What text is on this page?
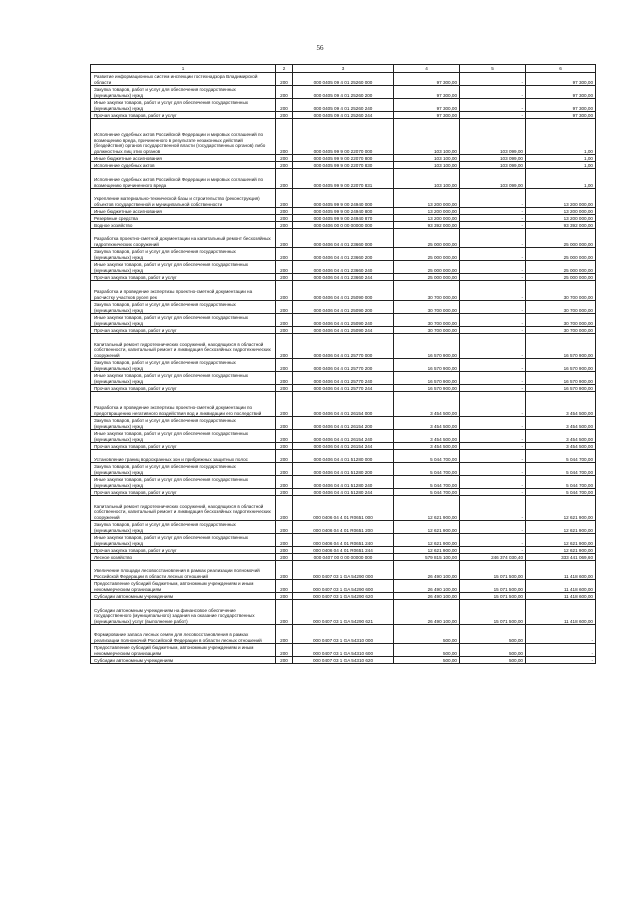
56
1	2	3	4	5	6
Развитие информационных систем инспекции гостехнадзора Владимирской области	200	000 0405 09 4 01 25260 000	97 300,00	-	97 300,00
Закупка товаров, работ и услуг для обеспечения государственных (муниципальных) нужд	200	000 0405 09 4 01 25260 200	97 300,00	-	97 300,00
Иные закупки товаров, работ и услуг для обеспечения государственных (муниципальных) нужд	200	000 0405 09 4 01 25260 240	97 300,00	-	97 300,00
Прочая закупка товаров, работ и услуг	200	000 0405 09 4 01 25260 244	97 300,00	-	97 300,00
Исполнение судебных актов Российской Федерации и мировых соглашений по возмещению вреда, причиненного в результате незаконных действий (бездействия) органов государственной власти (государственных органов) либо должностных лиц этих органов	200	000 0405 99 9 00 22070 000	103 100,00	103 099,00	1,00
Иные бюджетные ассигнования	200	000 0405 99 9 00 22070 800	103 100,00	103 099,00	1,00
Исполнение судебных актов	200	000 0405 99 9 00 22070 830	103 100,00	103 099,00	1,00
Исполнение судебных актов Российской Федерации и мировых соглашений по возмещению причиненного вреда	200	000 0405 99 9 00 22070 831	103 100,00	103 099,00	1,00
Укрепление материально-технической базы и строительство (реконструкция) объектов государственной и муниципальной собственности	200	000 0405 99 9 00 24940 000	13 200 000,00	-	13 200 000,00
Иные бюджетные ассигнования	200	000 0405 99 9 00 24940 800	13 200 000,00	-	13 200 000,00
Резервные средства	200	000 0405 99 9 00 24940 870	13 200 000,00	-	13 200 000,00
Водное хозяйство	200	000 0406 00 0 00 00000 000	93 392 000,00	-	93 392 000,00
Разработка проектно-сметной документации на капитальный ремонт бесхозяйных гидротехнических сооружений	200	000 0406 04 4 01 23660 000	25 000 000,00	-	25 000 000,00
Закупка товаров, работ и услуг для обеспечения государственных (муниципальных) нужд	200	000 0406 04 4 01 23660 200	25 000 000,00	-	25 000 000,00
Иные закупки товаров, работ и услуг для обеспечения государственных (муниципальных) нужд	200	000 0406 04 4 01 23660 240	25 000 000,00	-	25 000 000,00
Прочая закупка товаров, работ и услуг	200	000 0406 04 4 01 23660 244	25 000 000,00	-	25 000 000,00
Разработка и проведение экспертизы проектно-сметной документации на расчистку участков русел рек	200	000 0406 04 4 01 25090 000	30 700 000,00	-	30 700 000,00
Закупка товаров, работ и услуг для обеспечения государственных (муниципальных) нужд	200	000 0406 04 4 01 25090 200	30 700 000,00	-	30 700 000,00
Иные закупки товаров, работ и услуг для обеспечения государственных (муниципальных) нужд	200	000 0406 04 4 01 25090 240	30 700 000,00	-	30 700 000,00
Прочая закупка товаров, работ и услуг	200	000 0406 04 4 01 25090 244	30 700 000,00	-	30 700 000,00
Капитальный ремонт гидротехнических сооружений, находящихся в областной собственности, капитальный ремонт и ликвидация бесхозяйных гидротехнических сооружений	200	000 0406 04 4 01 25770 000	16 570 900,00	-	16 570 900,00
Закупка товаров, работ и услуг для обеспечения государственных (муниципальных) нужд	200	000 0406 04 4 01 25770 200	16 570 900,00	-	16 570 900,00
Иные закупки товаров, работ и услуг для обеспечения государственных (муниципальных) нужд	200	000 0406 04 4 01 25770 240	16 570 900,00	-	16 570 900,00
Прочая закупка товаров, работ и услуг	200	000 0406 04 4 01 25770 244	16 570 900,00	-	16 570 900,00
Разработка и проведение экспертизы проектно-сметной документации по предотвращению негативного воздействия вод и ликвидации его последствий	200	000 0406 04 4 01 26154 000	3 454 500,00	-	3 454 500,00
Закупка товаров, работ и услуг для обеспечения государственных (муниципальных) нужд	200	000 0406 04 4 01 26154 200	3 454 500,00	-	3 454 500,00
Иные закупки товаров, работ и услуг для обеспечения государственных (муниципальных) нужд	200	000 0406 04 4 01 26154 240	3 454 500,00	-	3 454 500,00
Прочая закупка товаров, работ и услуг	200	000 0406 04 4 01 26154 244	3 454 500,00	-	3 454 500,00
Установление границ водоохранных зон и прибрежных защитных полос	200	000 0406 04 4 01 51280 000	5 044 700,00	-	5 044 700,00
Закупка товаров, работ и услуг для обеспечения государственных (муниципальных) нужд	200	000 0406 04 4 01 51280 200	5 044 700,00	-	5 044 700,00
Иные закупки товаров, работ и услуг для обеспечения государственных (муниципальных) нужд	200	000 0406 04 4 01 51280 240	5 044 700,00	-	5 044 700,00
Прочая закупка товаров, работ и услуг	200	000 0406 04 4 01 51280 244	5 044 700,00	-	5 044 700,00
Капитальный ремонт гидротехнических сооружений, находящихся в областной собственности, капитальный ремонт и ликвидация бесхозяйных гидротехнических сооружений	200	000 0406 04 4 01 R0651 000	12 621 900,00	-	12 621 900,00
Закупка товаров, работ и услуг для обеспечения государственных (муниципальных) нужд	200	000 0406 04 4 01 R0651 200	12 621 900,00	-	12 621 900,00
Иные закупки товаров, работ и услуг для обеспечения государственных (муниципальных) нужд	200	000 0406 04 4 01 R0651 240	12 621 900,00	-	12 621 900,00
Прочая закупка товаров, работ и услуг	200	000 0406 04 4 01 R0651 244	12 621 900,00	-	12 621 900,00
Лесное хозяйство	200	000 0407 00 0 00 00000 000	579 815 100,00	246 374 030,40	333 441 069,60
Увеличение площади лесовосстановления в рамках реализации полномочий Российской Федерации в области лесных отношений	200	000 0407 03 1 GA 54290 000	26 490 100,00	15 071 500,00	11 418 600,00
Предоставление субсидий бюджетным, автономным учреждениям и иным некоммерческим организациям	200	000 0407 03 1 GA 54290 600	26 490 100,00	15 071 500,00	11 418 600,00
Субсидии автономным учреждениям	200	000 0407 03 1 GA 54290 620	26 490 100,00	15 071 500,00	11 418 600,00
Субсидии автономным учреждениям на финансовое обеспечение государственного (муниципального) задания на оказание государственных (муниципальных) услуг (выполнение работ)	200	000 0407 03 1 GA 54290 621	26 490 100,00	15 071 500,00	11 418 600,00
Формирование запаса лесных семян для лесовосстановления в рамках реализации полномочий Российской Федерации в области лесных отношений	200	000 0407 03 1 GA 54310 000	500,00	500,00	-
Предоставление субсидий бюджетным, автономным учреждениям и иным некоммерческим организациям	200	000 0407 03 1 GA 54310 600	500,00	500,00	-
Субсидии автономным учреждениям	200	000 0407 03 1 GA 54310 620	500,00	500,00	-
